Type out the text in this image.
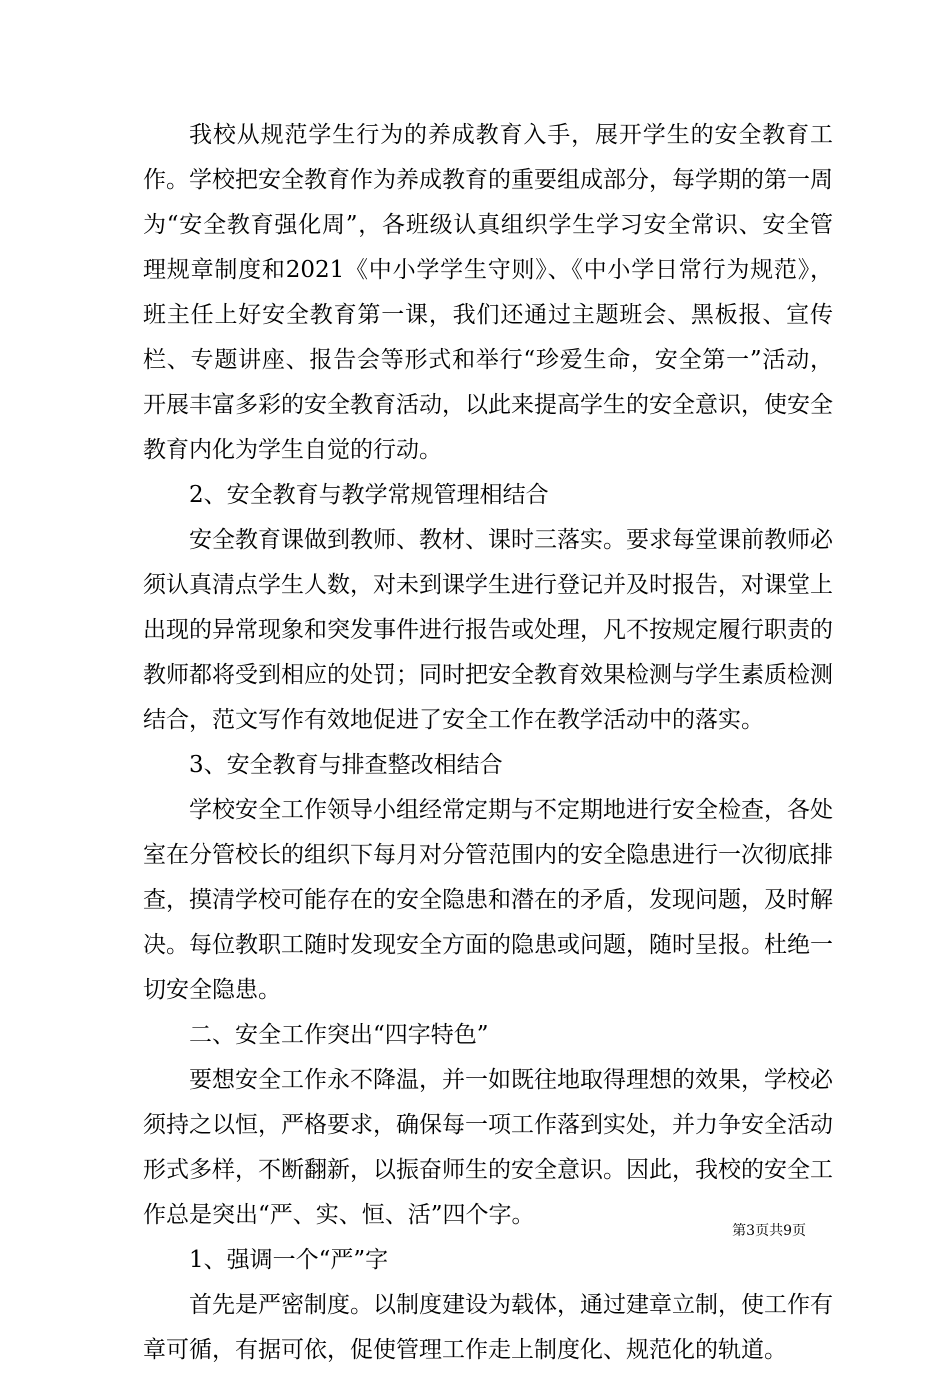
我校从规范学生行为的养成教育入手，展开学生的安全教育工作。学校把安全教育作为养成教育的重要组成部分，每学期的第一周为“安全教育强化周”，各班级认真组织学生学习安全常识、安全管理规章制度和2021《中小学学生守则》、《中小学日常行为规范》，班主任上好安全教育第一课，我们还通过主题班会、黑板报、宣传栏、专题讲座、报告会等形式和举行“珍爱生命，安全第一”活动，开展丰富多彩的安全教育活动，以此来提高学生的安全意识，使安全教育内化为学生自觉的行动。

2、安全教育与教学常规管理相结合

安全教育课做到教师、教材、课时三落实。要求每堂课前教师必须认真清点学生人数，对未到课学生进行登记并及时报告，对课堂上出现的异常现象和突发事件进行报告或处理，凡不按规定履行职责的教师都将受到相应的处罚；同时把安全教育效果检测与学生素质检测结合，范文写作有效地促进了安全工作在教学活动中的落实。

3、安全教育与排查整改相结合

学校安全工作领导小组经常定期与不定期地进行安全检查，各处室在分管校长的组织下每月对分管范围内的安全隐患进行一次彻底排查，摸清学校可能存在的安全隐患和潜在的矛盾，发现问题，及时解决。每位教职工随时发现安全方面的隐患或问题，随时呈报。杜绝一切安全隐患。

二、安全工作突出“四字特色”

要想安全工作永不降温，并一如既往地取得理想的效果，学校必须持之以恒，严格要求，确保每一项工作落到实处，并力争安全活动形式多样，不断翻新，以振奋师生的安全意识。因此，我校的安全工作总是突出“严、实、恒、活”四个字。

1、强调一个“严”字

首先是严密制度。以制度建设为载体，通过建章立制，使工作有章可循，有据可依，促使管理工作走上制度化、规范化的轨道。

第3页共9页
